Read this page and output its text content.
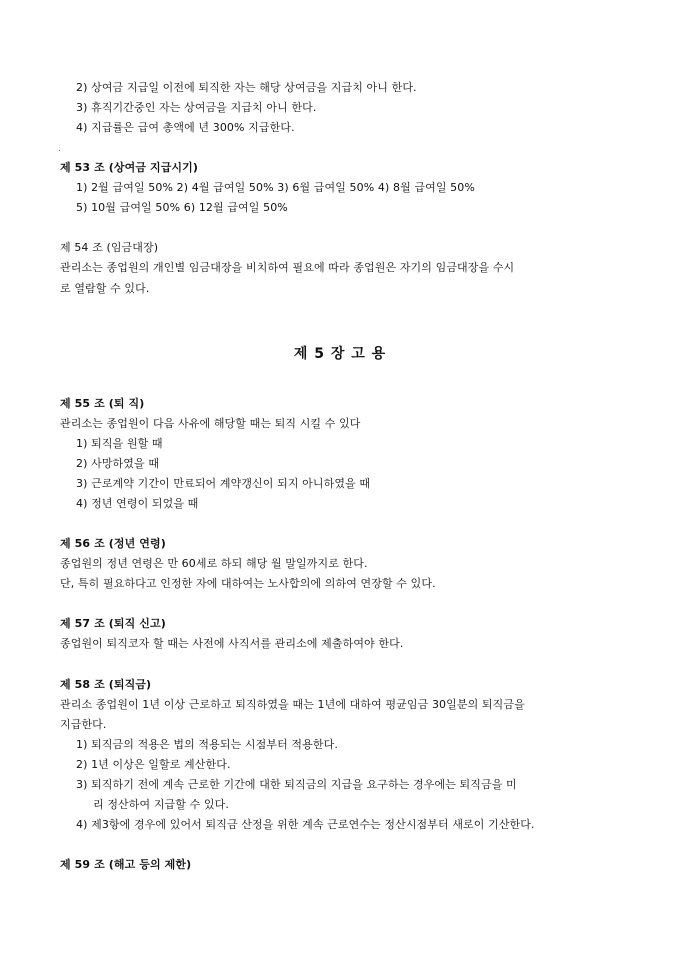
2) 상여금 지급일 이전에 퇴직한 자는 해당 상여금을 지급치 아니 한다.
3) 휴직기간중인 자는 상여금을 지급치 아니 한다.
4) 지급률은 급여 총액에 년 300% 지급한다.
.
제 53 조 (상여금 지급시기)
1) 2월 급여일 50% 2) 4월 급여일 50% 3) 6월 급여일 50% 4) 8월 급여일 50%
5) 10월 급여일 50% 6) 12월 급여일 50%
제 54 조 (임금대장)
관리소는 종업원의 개인별 임금대장을 비치하여 필요에 따라 종업원은 자기의 임금대장을 수시
로 열람할 수 있다.
제 5 장 고 용
제 55 조 (퇴 직)
관리소는 종업원이 다음 사유에 해당할 때는 퇴직 시킬 수 있다
1) 퇴직을 원할 때
2) 사망하였을 때
3) 근로계약 기간이 만료되어 계약갱신이 되지 아니하였을 때
4) 정년 연령이 되었을 때
제 56 조 (정년 연령)
종업원의 정년 연령은 만 60세로 하되 해당 월 말일까지로 한다.
단, 특히 필요하다고 인정한 자에 대하여는 노사합의에 의하여 연장할 수 있다.
제 57 조 (퇴직 신고)
종업원이 퇴직코자 할 때는 사전에 사직서를 관리소에 제출하여야 한다.
제 58 조 (퇴직금)
관리소 종업원이 1년 이상 근로하고 퇴직하였을 때는 1년에 대하여 평균임금 30일분의 퇴직금을
지급한다.
1) 퇴직금의 적용은 법의 적용되는 시점부터 적용한다.
2) 1년 이상은 일할로 계산한다.
3) 퇴직하기 전에 계속 근로한 기간에 대한 퇴직금의 지급을 요구하는 경우에는 퇴직금을 미
리 정산하여 지급할 수 있다.
4) 제3항에 경우에 있어서 퇴직금 산정을 위한 계속 근로연수는 정산시점부터 새로이 기산한다.
제 59 조 (해고 등의 제한)
